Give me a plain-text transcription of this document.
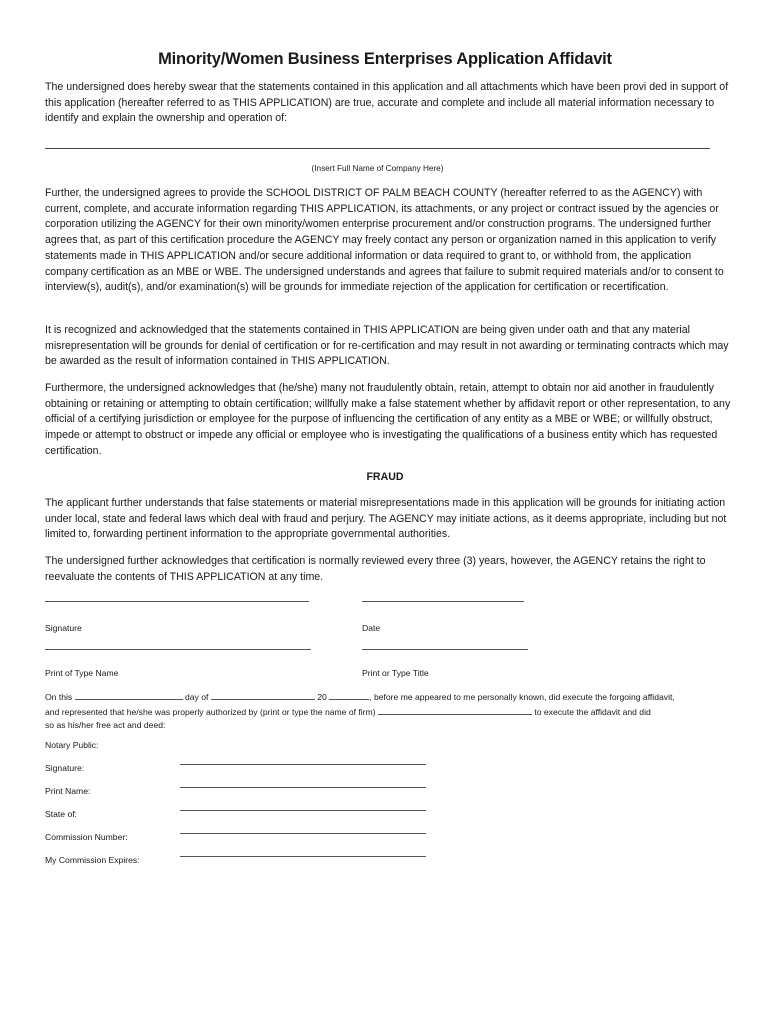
Minority/Women Business Enterprises Application Affidavit

The undersigned does hereby swear that the statements contained in this application and all attachments which have been provi ded in support of this application (hereafter referred to as THIS APPLICATION) are true, accurate and complete and include all material information necessary to identify and explain the ownership and operation of:

(Insert Full Name of Company Here)

Further, the undersigned agrees to provide the SCHOOL DISTRICT OF PALM BEACH COUNTY (hereafter referred to as the AGENCY) with current, complete, and accurate information regarding THIS APPLICATION, its attachments, or any project or contract issued by the agencies or corporation utilizing the AGENCY for their own minority/women enterprise procurement and/or construction programs. The undersigned further agrees that, as part of this certification procedure the AGENCY may freely contact any person or organization named in this application to verify statements made in THIS APPLICATION and/or secure additional information or data required to grant to, or withhold from, the application company certification as an MBE or WBE. The undersigned understands and agrees that failure to submit required materials and/or to consent to interview(s), audit(s), and/or examination(s) will be grounds for immediate rejection of the application for certification or recertification.

It is recognized and acknowledged that the statements contained in THIS APPLICATION are being given under oath and that any material misrepresentation will be grounds for denial of certification or for re-certification and may result in not awarding or terminating contracts which may be awarded as the result of information contained in THIS APPLICATION.

Furthermore, the undersigned acknowledges that (he/she) many not fraudulently obtain, retain, attempt to obtain nor aid another in fraudulently obtaining or retaining or attempting to obtain certification; willfully make a false statement whether by affidavit report or other representation, to any official of a certifying jurisdiction or employee for the purpose of influencing the certification of any entity as a MBE or WBE; or willfully obstruct, impede or attempt to obstruct or impede any official or employee who is investigating the qualifications of a business entity which has requested certification.

FRAUD

The applicant further understands that false statements or material misrepresentations made in this application will be grounds for initiating action under local, state and federal laws which deal with fraud and perjury. The AGENCY may initiate actions, as it deems appropriate, including but not limited to, forwarding pertinent information to the appropriate governmental authorities.

The undersigned further acknowledges that certification is normally reviewed every three (3) years, however, the AGENCY retains the right to reevaluate the contents of THIS APPLICATION at any time.

Signature	Date
Print of Type Name	Print or Type Title
On this	day of	20	, before me appeared to me personally known, did execute the forgoing affidavit,
and represented that he/she was properly authorized by (print or type the name of firm)	to execute the affidavit and did
so as his/her free act and deed:
Notary Public:
Signature:
Print Name:
State of:
Commission Number:
My Commission Expires:
